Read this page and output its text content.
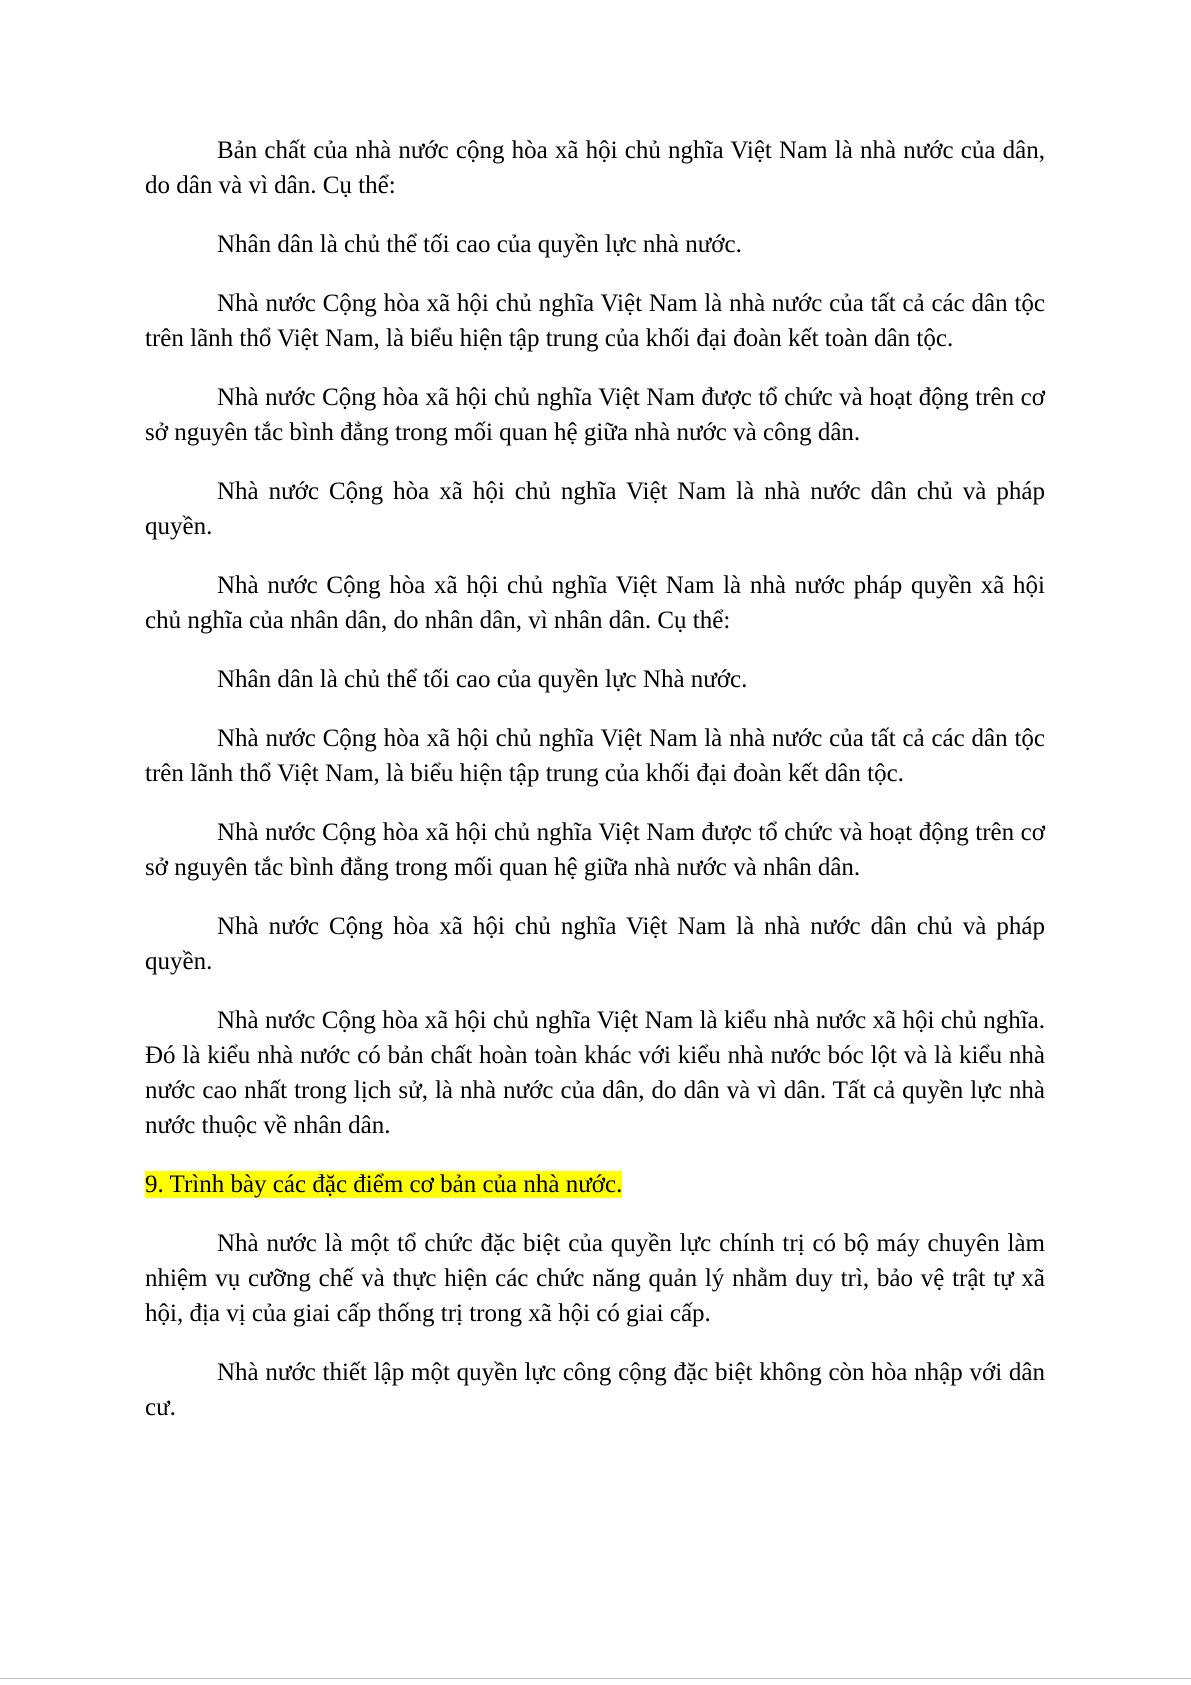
Bản chất của nhà nước cộng hòa xã hội chủ nghĩa Việt Nam là nhà nước của dân, do dân và vì dân. Cụ thể:

Nhân dân là chủ thể tối cao của quyền lực nhà nước.

Nhà nước Cộng hòa xã hội chủ nghĩa Việt Nam là nhà nước của tất cả các dân tộc trên lãnh thổ Việt Nam, là biểu hiện tập trung của khối đại đoàn kết toàn dân tộc.

Nhà nước Cộng hòa xã hội chủ nghĩa Việt Nam được tổ chức và hoạt động trên cơ sở nguyên tắc bình đẳng trong mối quan hệ giữa nhà nước và công dân.

Nhà nước Cộng hòa xã hội chủ nghĩa Việt Nam là nhà nước dân chủ và pháp quyền.

Nhà nước Cộng hòa xã hội chủ nghĩa Việt Nam là nhà nước pháp quyền xã hội chủ nghĩa của nhân dân, do nhân dân, vì nhân dân. Cụ thể:

Nhân dân là chủ thể tối cao của quyền lực Nhà nước.

Nhà nước Cộng hòa xã hội chủ nghĩa Việt Nam là nhà nước của tất cả các dân tộc trên lãnh thổ Việt Nam, là biểu hiện tập trung của khối đại đoàn kết dân tộc.

Nhà nước Cộng hòa xã hội chủ nghĩa Việt Nam được tổ chức và hoạt động trên cơ sở nguyên tắc bình đẳng trong mối quan hệ giữa nhà nước và nhân dân.

Nhà nước Cộng hòa xã hội chủ nghĩa Việt Nam là nhà nước dân chủ và pháp quyền.

Nhà nước Cộng hòa xã hội chủ nghĩa Việt Nam là kiểu nhà nước xã hội chủ nghĩa. Đó là kiểu nhà nước có bản chất hoàn toàn khác với kiểu nhà nước bóc lột và là kiểu nhà nước cao nhất trong lịch sử, là nhà nước của dân, do dân và vì dân. Tất cả quyền lực nhà nước thuộc về nhân dân.

9. Trình bày các đặc điểm cơ bản của nhà nước.

Nhà nước là một tổ chức đặc biệt của quyền lực chính trị có bộ máy chuyên làm nhiệm vụ cưỡng chế và thực hiện các chức năng quản lý nhằm duy trì, bảo vệ trật tự xã hội, địa vị của giai cấp thống trị trong xã hội có giai cấp.

Nhà nước thiết lập một quyền lực công cộng đặc biệt không còn hòa nhập với dân cư.
